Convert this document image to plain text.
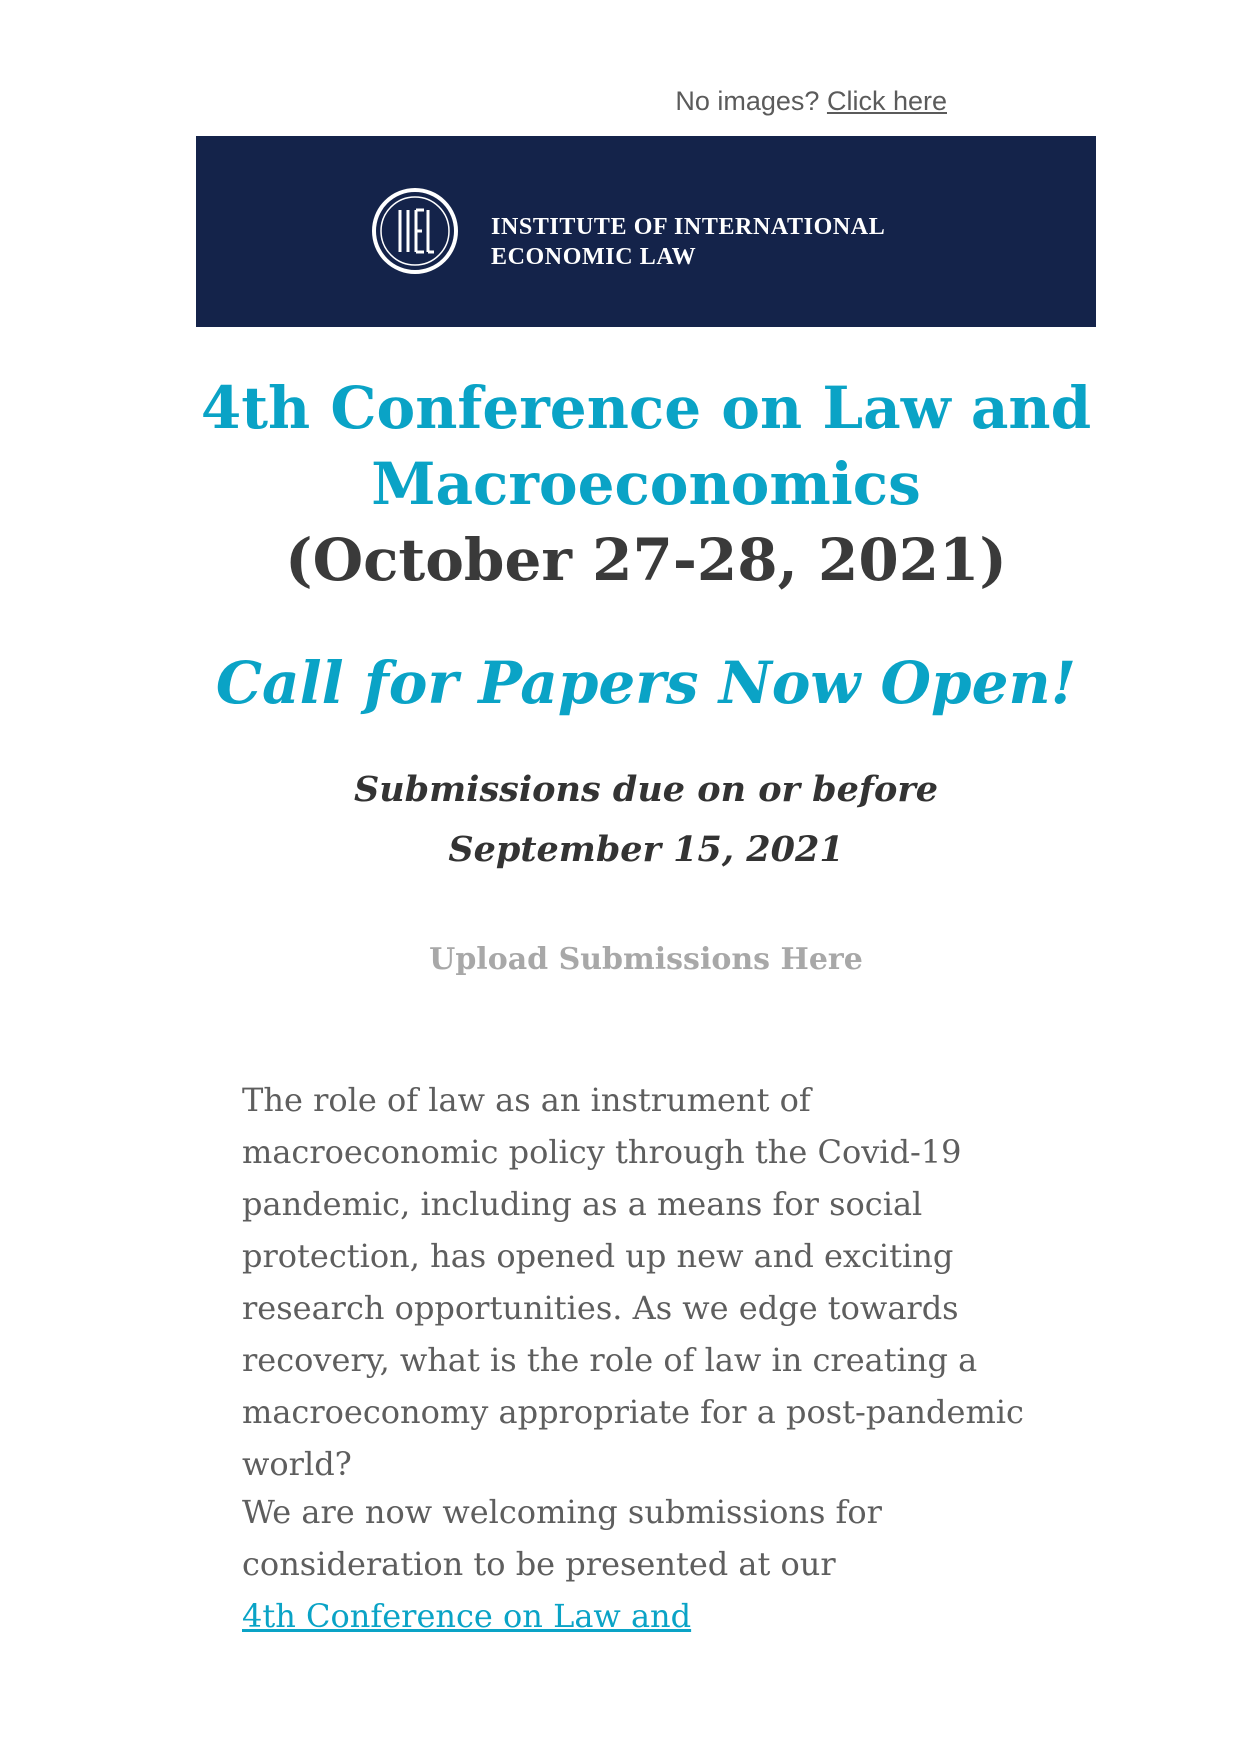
No images? Click here
INSTITUTE OF INTERNATIONAL
ECONOMIC LAW
4th Conference on Law and
Macroeconomics
(October 27-28, 2021)
Call for Papers Now Open!
Submissions due on or before September 15, 2021
Upload Submissions Here

The role of law as an instrument of macroeconomic policy through the Covid-19 pandemic, including as a means for social protection, has opened up new and exciting research opportunities. As we edge towards recovery, what is the role of law in creating a macroeconomy appropriate for a post-pandemic world?

We are now welcoming submissions for consideration to be presented at our
4th Conference on Law and
